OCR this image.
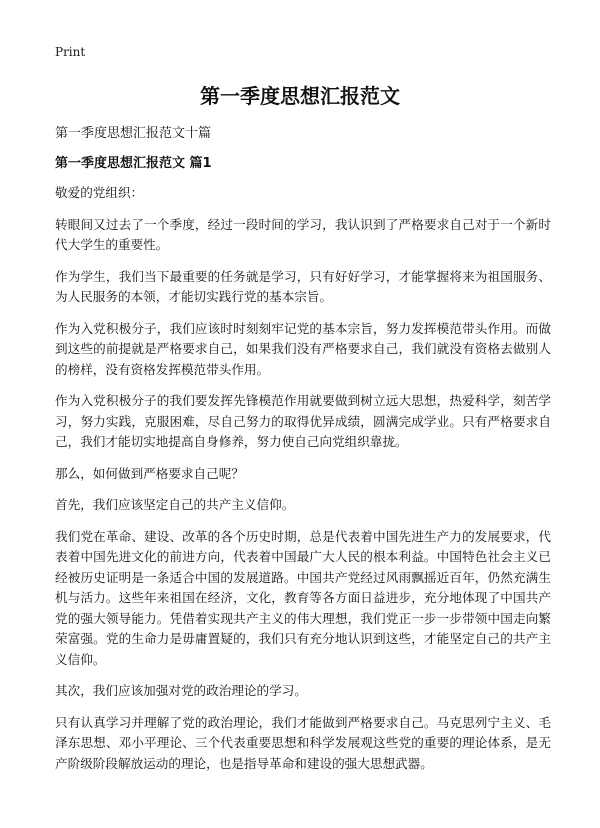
Print
第一季度思想汇报范文
第一季度思想汇报范文十篇
第一季度思想汇报范文 篇1

敬爱的党组织：

转眼间又过去了一个季度，经过一段时间的学习，我认识到了严格要求自己对于一个新时代大学生的重要性。

作为学生，我们当下最重要的任务就是学习，只有好好学习，才能掌握将来为祖国服务、为人民服务的本领，才能切实践行党的基本宗旨。

作为入党积极分子，我们应该时时刻刻牢记党的基本宗旨，努力发挥模范带头作用。而做到这些的前提就是严格要求自己，如果我们没有严格要求自己，我们就没有资格去做别人的榜样，没有资格发挥模范带头作用。

作为入党积极分子的我们要发挥先锋模范作用就要做到树立远大思想，热爱科学，刻苦学习，努力实践，克服困难，尽自己努力的取得优异成绩，圆满完成学业。只有严格要求自己，我们才能切实地提高自身修养，努力使自己向党组织靠拢。

那么，如何做到严格要求自己呢？

首先，我们应该坚定自己的共产主义信仰。

我们党在革命、建设、改革的各个历史时期，总是代表着中国先进生产力的发展要求，代表着中国先进文化的前进方向，代表着中国最广大人民的根本利益。中国特色社会主义已经被历史证明是一条适合中国的发展道路。中国共产党经过风雨飘摇近百年，仍然充满生机与活力。这些年来祖国在经济，文化，教育等各方面日益进步，充分地体现了中国共产党的强大领导能力。凭借着实现共产主义的伟大理想，我们党正一步一步带领中国走向繁荣富强。党的生命力是毋庸置疑的，我们只有充分地认识到这些，才能坚定自己的共产主义信仰。

其次，我们应该加强对党的政治理论的学习。

只有认真学习并理解了党的政治理论，我们才能做到严格要求自己。马克思列宁主义、毛泽东思想、邓小平理论、三个代表重要思想和科学发展观这些党的重要的理论体系，是无产阶级阶段解放运动的理论，也是指导革命和建设的强大思想武器。
